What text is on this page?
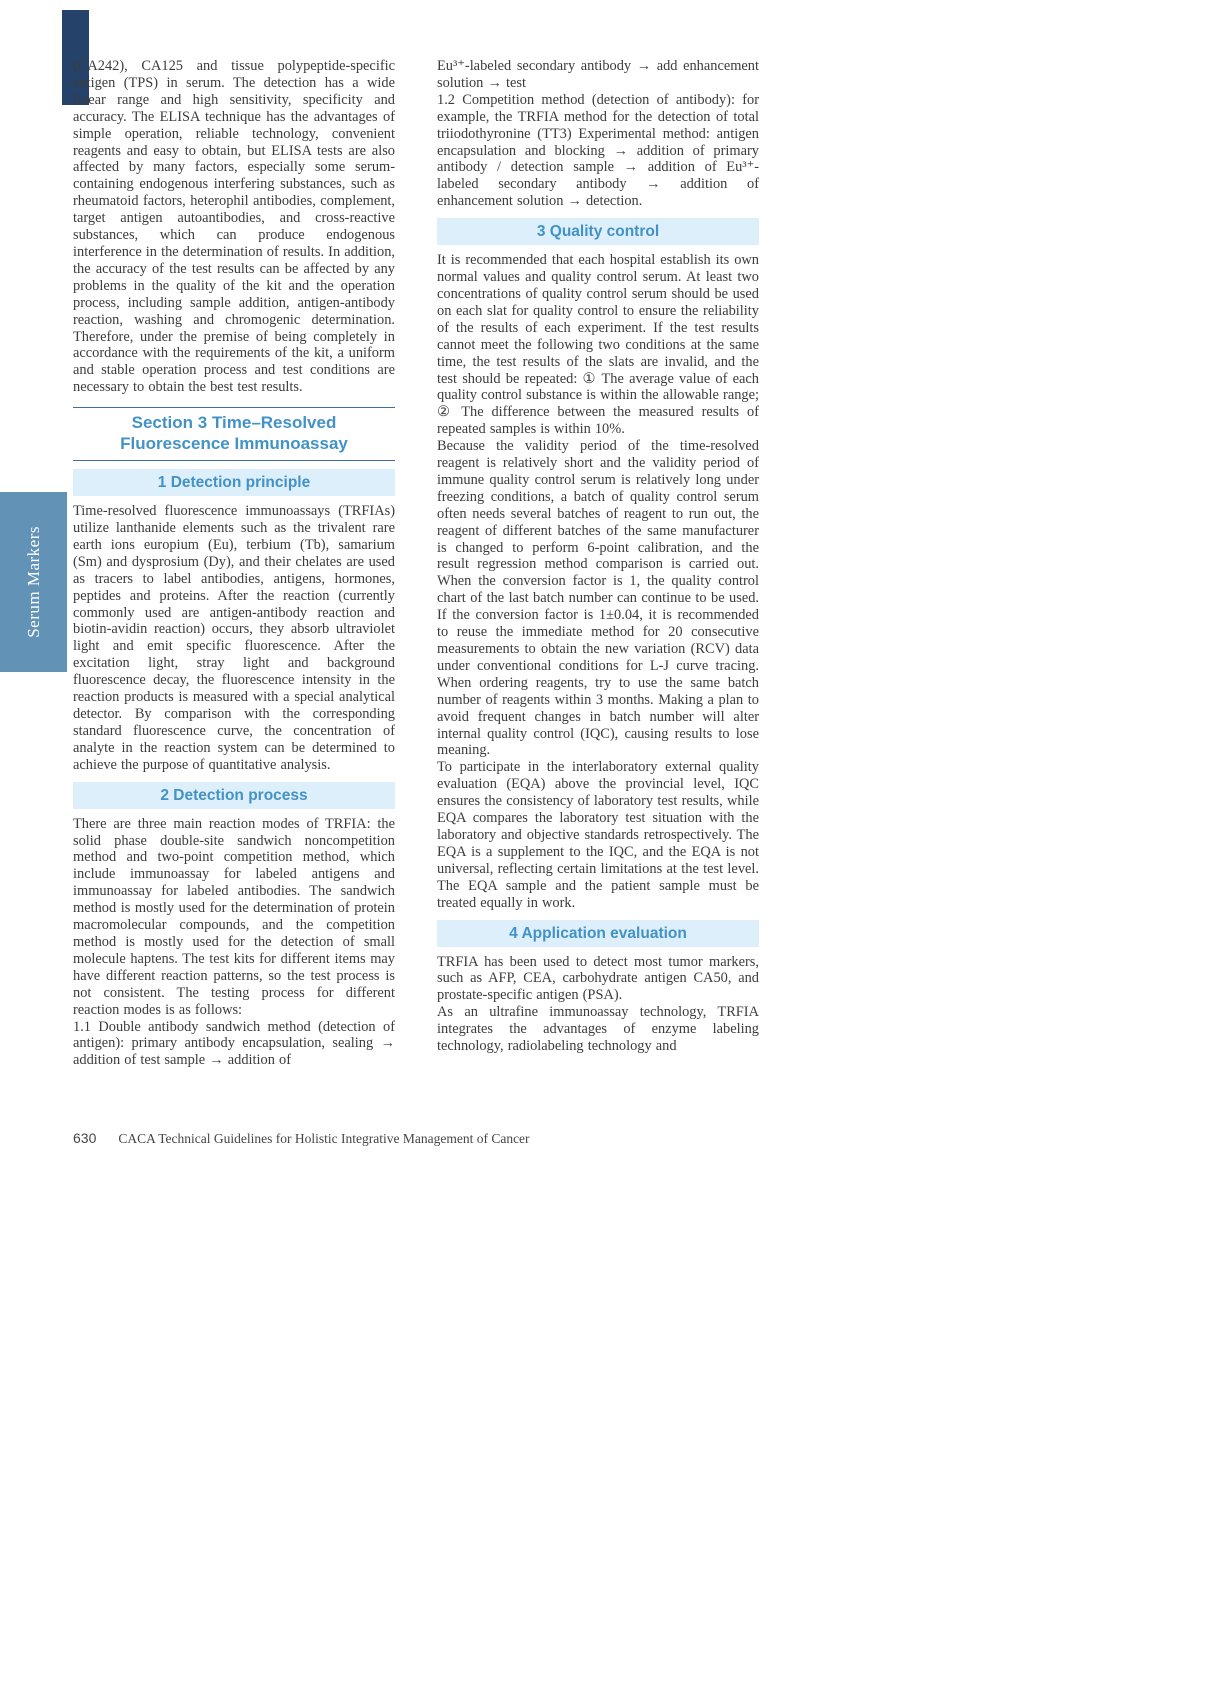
Serum Markers

(CA242), CA125 and tissue polypeptide-specific antigen (TPS) in serum. The detection has a wide linear range and high sensitivity, specificity and accuracy. The ELISA technique has the advantages of simple operation, reliable technology, convenient reagents and easy to obtain, but ELISA tests are also affected by many factors, especially some serum-containing endogenous interfering substances, such as rheumatoid factors, heterophil antibodies, complement, target antigen autoantibodies, and cross-reactive substances, which can produce endogenous interference in the determination of results. In addition, the accuracy of the test results can be affected by any problems in the quality of the kit and the operation process, including sample addition, antigen-antibody reaction, washing and chromogenic determination. Therefore, under the premise of being completely in accordance with the requirements of the kit, a uniform and stable operation process and test conditions are necessary to obtain the best test results.

Section 3 Time–Resolved Fluorescence Immunoassay
1 Detection principle

Time-resolved fluorescence immunoassays (TRFIAs) utilize lanthanide elements such as the trivalent rare earth ions europium (Eu), terbium (Tb), samarium (Sm) and dysprosium (Dy), and their chelates are used as tracers to label antibodies, antigens, hormones, peptides and proteins. After the reaction (currently commonly used are antigen-antibody reaction and biotin-avidin reaction) occurs, they absorb ultraviolet light and emit specific fluorescence. After the excitation light, stray light and background fluorescence decay, the fluorescence intensity in the reaction products is measured with a special analytical detector. By comparison with the corresponding standard fluorescence curve, the concentration of analyte in the reaction system can be determined to achieve the purpose of quantitative analysis.

2 Detection process

There are three main reaction modes of TRFIA: the solid phase double-site sandwich noncompetition method and two-point competition method, which include immunoassay for labeled antigens and immunoassay for labeled antibodies. The sandwich method is mostly used for the determination of protein macromolecular compounds, and the competition method is mostly used for the detection of small molecule haptens. The test kits for different items may have different reaction patterns, so the test process is not consistent. The testing process for different reaction modes is as follows:

1.1 Double antibody sandwich method (detection of antigen): primary antibody encapsulation, sealing → addition of test sample → addition of

Eu³⁺-labeled secondary antibody → add enhancement solution → test

1.2 Competition method (detection of antibody): for example, the TRFIA method for the detection of total triiodothyronine (TT3) Experimental method: antigen encapsulation and blocking → addition of primary antibody / detection sample → addition of Eu³⁺-labeled secondary antibody → addition of enhancement solution → detection.

3 Quality control

It is recommended that each hospital establish its own normal values and quality control serum. At least two concentrations of quality control serum should be used on each slat for quality control to ensure the reliability of the results of each experiment. If the test results cannot meet the following two conditions at the same time, the test results of the slats are invalid, and the test should be repeated: ① The average value of each quality control substance is within the allowable range; ② The difference between the measured results of repeated samples is within 10%.

Because the validity period of the time-resolved reagent is relatively short and the validity period of immune quality control serum is relatively long under freezing conditions, a batch of quality control serum often needs several batches of reagent to run out, the reagent of different batches of the same manufacturer is changed to perform 6-point calibration, and the result regression method comparison is carried out. When the conversion factor is 1, the quality control chart of the last batch number can continue to be used. If the conversion factor is 1±0.04, it is recommended to reuse the immediate method for 20 consecutive measurements to obtain the new variation (RCV) data under conventional conditions for L-J curve tracing. When ordering reagents, try to use the same batch number of reagents within 3 months. Making a plan to avoid frequent changes in batch number will alter internal quality control (IQC), causing results to lose meaning.

To participate in the interlaboratory external quality evaluation (EQA) above the provincial level, IQC ensures the consistency of laboratory test results, while EQA compares the laboratory test situation with the laboratory and objective standards retrospectively. The EQA is a supplement to the IQC, and the EQA is not universal, reflecting certain limitations at the test level. The EQA sample and the patient sample must be treated equally in work.

4 Application evaluation

TRFIA has been used to detect most tumor markers, such as AFP, CEA, carbohydrate antigen CA50, and prostate-specific antigen (PSA).

As an ultrafine immunoassay technology, TRFIA integrates the advantages of enzyme labeling technology, radiolabeling technology and

630 CACA Technical Guidelines for Holistic Integrative Management of Cancer
